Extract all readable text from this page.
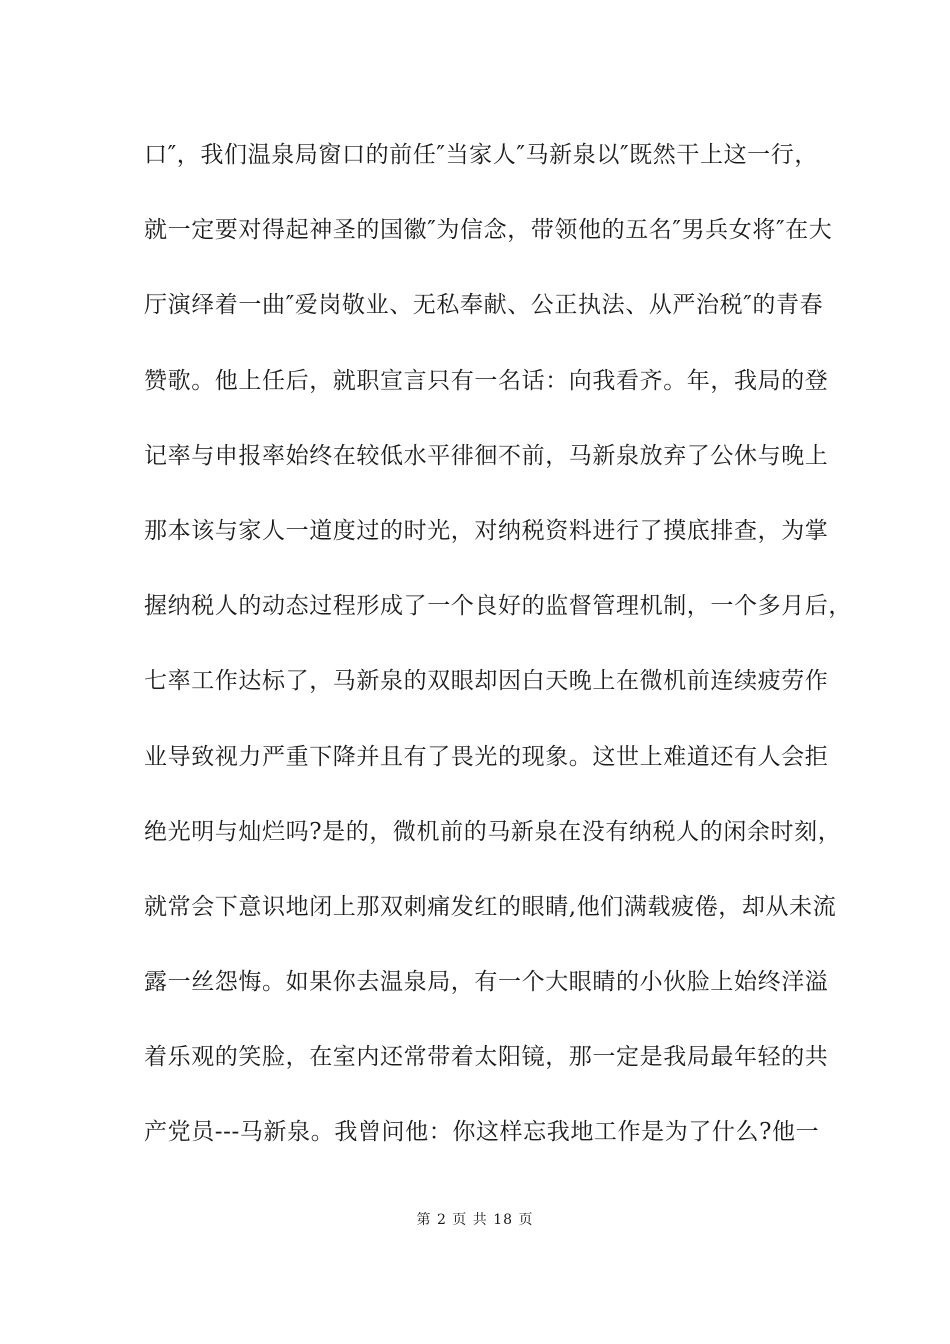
口″，我们温泉局窗口的前任″当家人″马新泉以″既然干上这一行，
就一定要对得起神圣的国徽″为信念，带领他的五名″男兵女将″在大
厅演绎着一曲″爱岗敬业、无私奉献、公正执法、从严治税″的青春
赞歌。他上任后，就职宣言只有一名话：向我看齐。年，我局的登
记率与申报率始终在较低水平徘徊不前，马新泉放弃了公休与晚上
那本该与家人一道度过的时光，对纳税资料进行了摸底排查，为掌
握纳税人的动态过程形成了一个良好的监督管理机制，一个多月后，
七率工作达标了，马新泉的双眼却因白天晚上在微机前连续疲劳作
业导致视力严重下降并且有了畏光的现象。这世上难道还有人会拒
绝光明与灿烂吗?是的，微机前的马新泉在没有纳税人的闲余时刻，
就常会下意识地闭上那双刺痛发红的眼睛,他们满载疲倦，却从未流
露一丝怨悔。如果你去温泉局，有一个大眼睛的小伙脸上始终洋溢
着乐观的笑脸，在室内还常带着太阳镜，那一定是我局最年轻的共
产党员---马新泉。我曾问他：你这样忘我地工作是为了什么?他一
第 2 页 共 18 页
